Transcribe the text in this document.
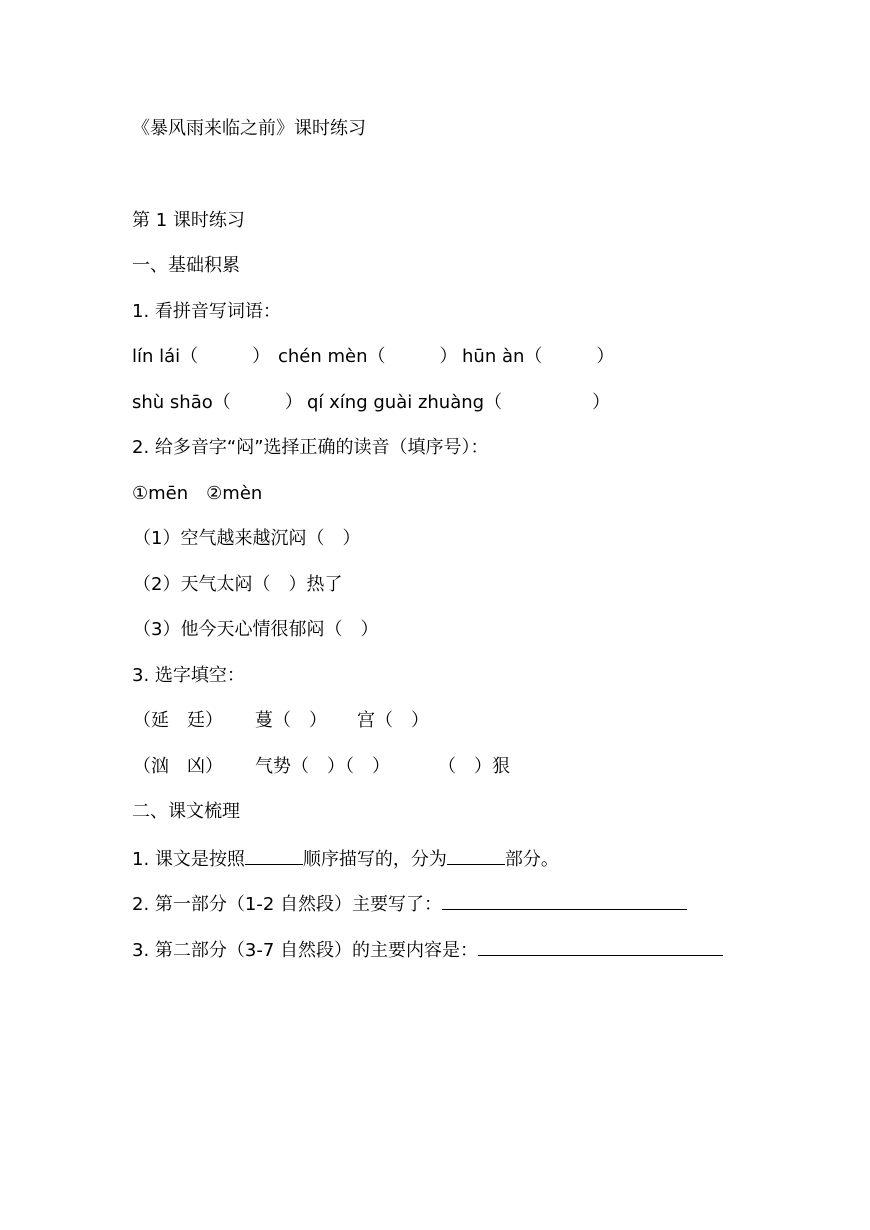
《暴风雨来临之前》课时练习
第 1 课时练习
一、基础积累
1. 看拼音写词语：
lín lái（　　　） chén mèn（　　　） hūn àn（　　　）
shù shāo（　　　） qí xíng guài zhuàng（　　　　　）
2. 给多音字“闷”选择正确的读音（填序号）：
①mēn　②mèn
（1）空气越来越沉闷（　）
（2）天气太闷（　）热了
（3）他今天心情很郁闷（　）
3. 选字填空：
（延　廷） 蔓（　） 宫（　）
（汹　凶） 气势（　）（　）	（　）狠
二、课文梳理
1. 课文是按照	顺序描写的，分为	部分。
2. 第一部分（1-2 自然段）主要写了：
3. 第二部分（3-7 自然段）的主要内容是：
